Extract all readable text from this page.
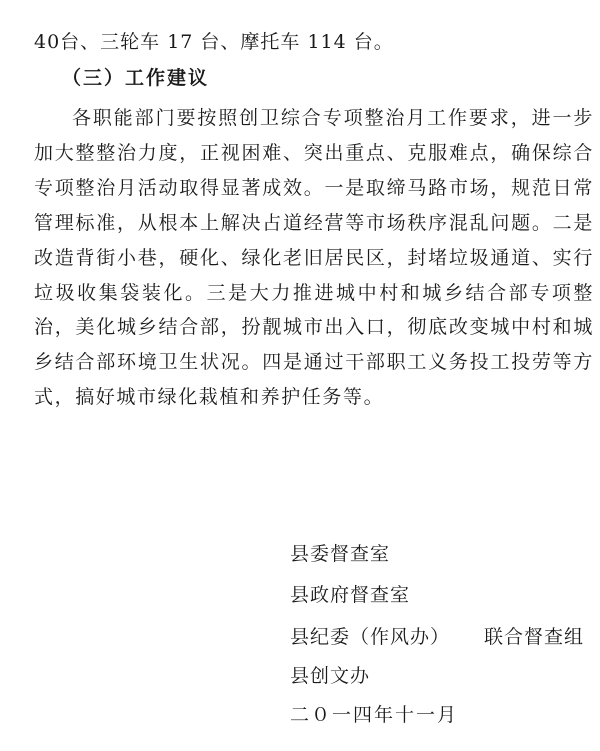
40台、三轮车 17 台、摩托车 114 台。
（三）工作建议

各职能部门要按照创卫综合专项整治月工作要求，进一步加大整整治力度，正视困难、突出重点、克服难点，确保综合专项整治月活动取得显著成效。一是取缔马路市场，规范日常管理标准，从根本上解决占道经营等市场秩序混乱问题。二是改造背街小巷，硬化、绿化老旧居民区，封堵垃圾通道、实行垃圾收集袋装化。三是大力推进城中村和城乡结合部专项整治，美化城乡结合部，扮靓城市出入口，彻底改变城中村和城乡结合部环境卫生状况。四是通过干部职工义务投工投劳等方式，搞好城市绿化栽植和养护任务等。

县委督查室
县政府督查室
县纪委（作风办） 联合督查组
县创文办
二０一四年十一月
